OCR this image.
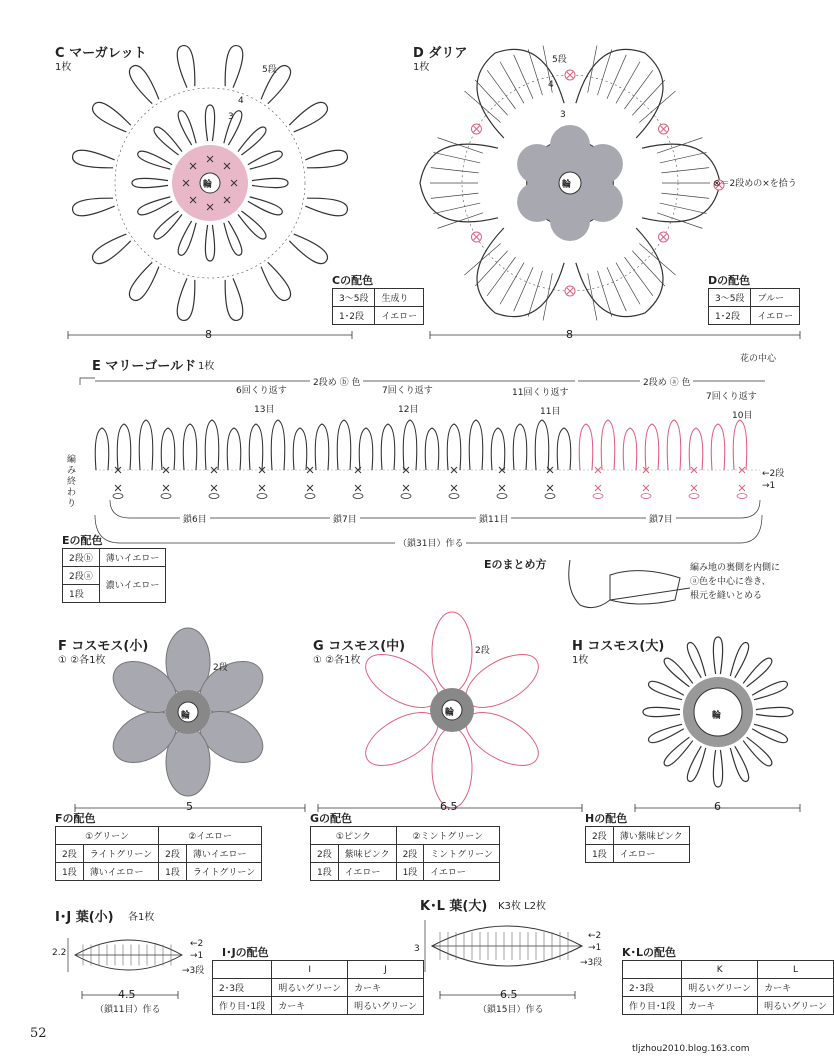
C マーガレット
1枚	5段
4
3
輪
8
Cの配色
3～5段	生成り
1･2段	イエロー
D ダリア
1枚
5段
4
3
輪	⊗＝2段めの×を拾う
8
Dの配色
3～5段	ブルー
1･2段	イエロー
E マリーゴールド 1枚
花の中心
2段め ⓑ 色	2段め ⓐ 色
6回くり返す
13目
7回くり返す
12目
11回くり返す
11目
7回くり返す
10目
編み終わり
←2段
→1
鎖6目	鎖7目	鎖11目	鎖7目
（鎖31目）作る
Eの配色
2段ⓑ	薄いイエロー
2段ⓐ	濃いイエロー
1段	
Eのまとめ方	編み地の裏側を内側に
ⓐ色を中心に巻き、
根元を縫いとめる
F コスモス(小)
① ②各1枚
2段
輪
5
G コスモス(中)
① ②各1枚
2段
輪
6.5
H コスモス(大)
1枚
輪
6
Fの配色
①グリーン		②イエロー	
2段	ライトグリーン	2段	薄いイエロー
1段	薄いイエロー	1段	ライトグリーン
Gの配色
①ピンク		②ミントグリーン	
2段	紫味ピンク	2段	ミントグリーン
1段	イエロー	1段	イエロー
Hの配色
2段	薄い紫味ピンク
1段	イエロー
I･J 葉(小) 各1枚
2.2
←2
→1
→3段
4.5
（鎖11目）作る
I･Jの配色
	I	J
2･3段	明るいグリーン	カーキ
作り目･1段	カーキ	明るいグリーン
K･L 葉(大) K3枚 L2枚
3
←2
→1
→3段
6.5
（鎖15目）作る
K･Lの配色
	K	L
2･3段	明るいグリーン	カーキ
作り目･1段	カーキ	明るいグリーン
52
tljzhou2010.blog.163.com
